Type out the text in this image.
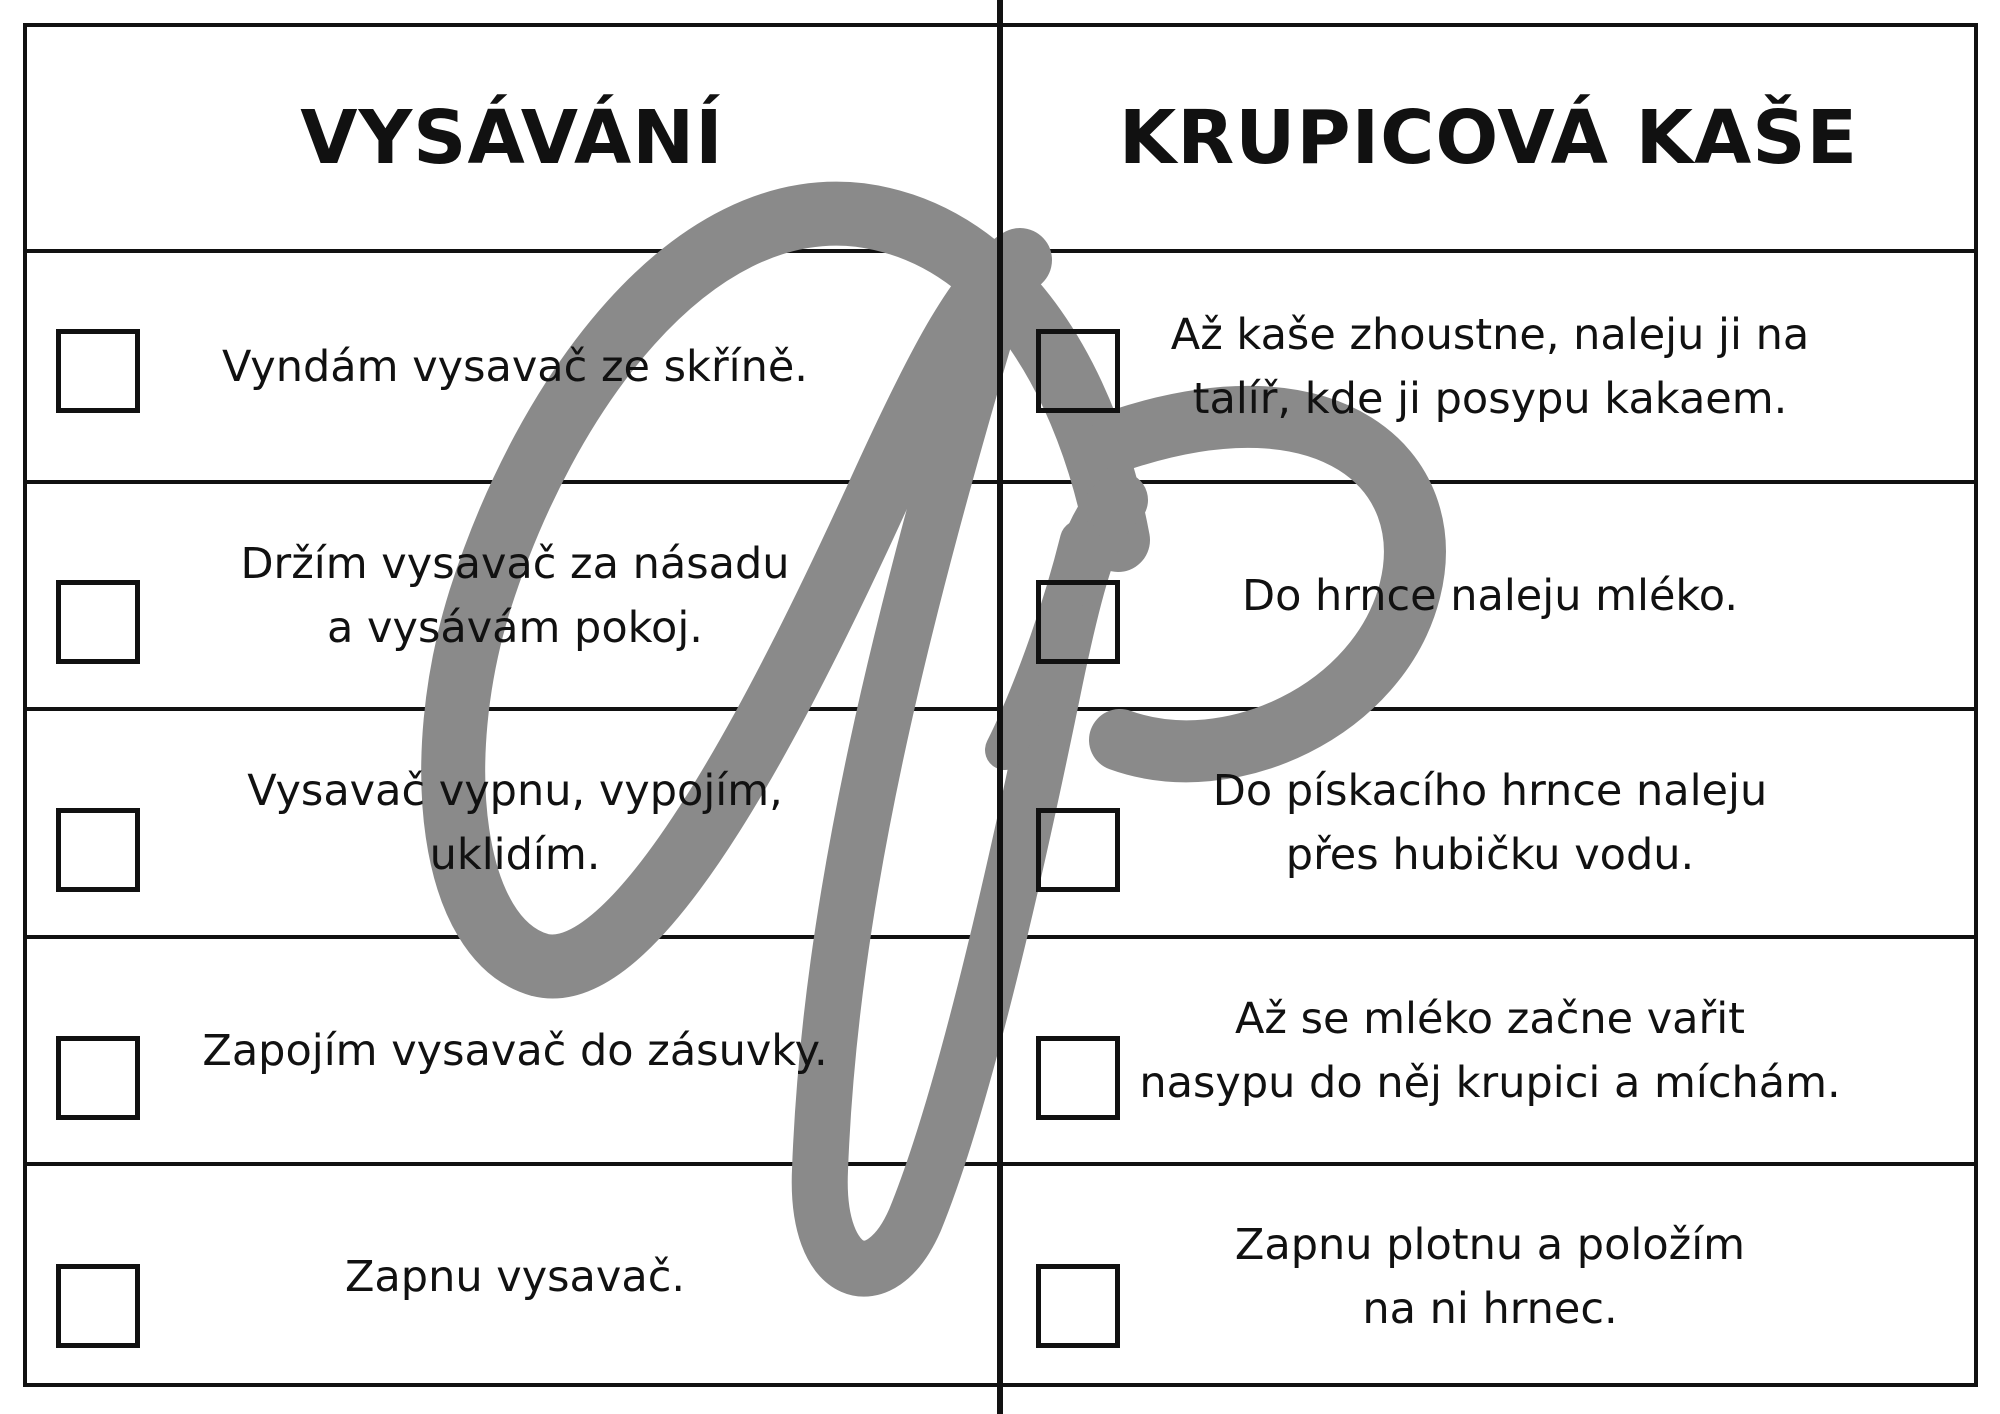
VYSÁVÁNÍ	KRUPICOVÁ KAŠE
Vyndám vysavač ze skříně.
Držím vysavač za násadu
a vysávám pokoj.
Vysavač vypnu, vypojím,
uklidím.
Zapojím vysavač do zásuvky.
Zapnu vysavač.
Až kaše zhoustne, naleju ji na
talíř, kde ji posypu kakaem.
Do hrnce naleju mléko.
Do pískacího hrnce naleju
přes hubičku vodu.
Až se mléko začne vařit
nasypu do něj krupici a míchám.
Zapnu plotnu a položím
na ni hrnec.
